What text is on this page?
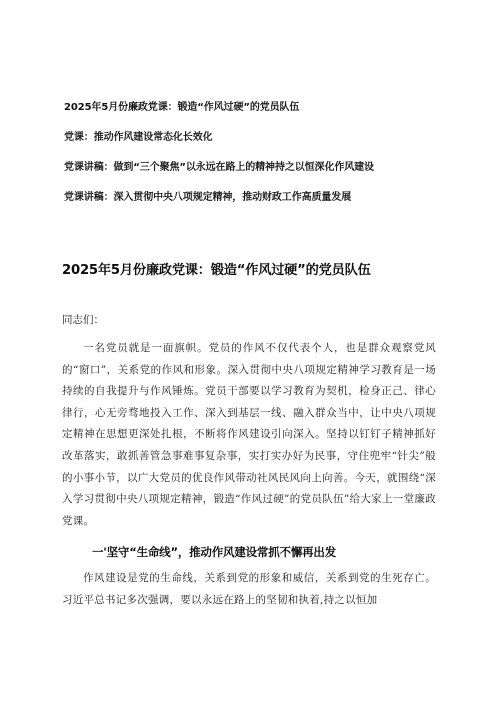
2025年5月份廉政党课：锻造“作风过硬”的党员队伍
党课：推动作风建设常态化长效化
党课讲稿：做到“三个聚焦”以永远在路上的精神持之以恒深化作风建设
党课讲稿：深入贯彻中央八项规定精神，推动财政工作高质量发展
2025年5月份廉政党课：锻造“作风过硬”的党员队伍
同志们：

一名党员就是一面旗帜。党员的作风不仅代表个人，也是群众观察党风的“窗口”，关系党的作风和形象。深入贯彻中央八项规定精神学习教育是一场持续的自我提升与作风锤炼。党员干部要以学习教育为契机，检身正己、律心律行，心无旁骛地投入工作、深入到基层一线、融入群众当中，让中央八项规定精神在思想更深处扎根，不断将作风建设引向深入。坚持以钉钉子精神抓好改革落实，敢抓善管急事难事复杂事，实打实办好为民事，守住兜牢“针尖”般的小事小节，以广大党员的优良作风带动社风民风向上向善。今天，就围绕“深入学习贯彻中央八项规定精神，锻造“作风过硬”的党员队伍”给大家上一堂廉政党课。

一'坚守“生命线”，推动作风建设常抓不懈再出发

作风建设是党的生命线，关系到党的形象和威信，关系到党的生死存亡。习近平总书记多次强调，要以永远在路上的坚韧和执着,持之以恒加
